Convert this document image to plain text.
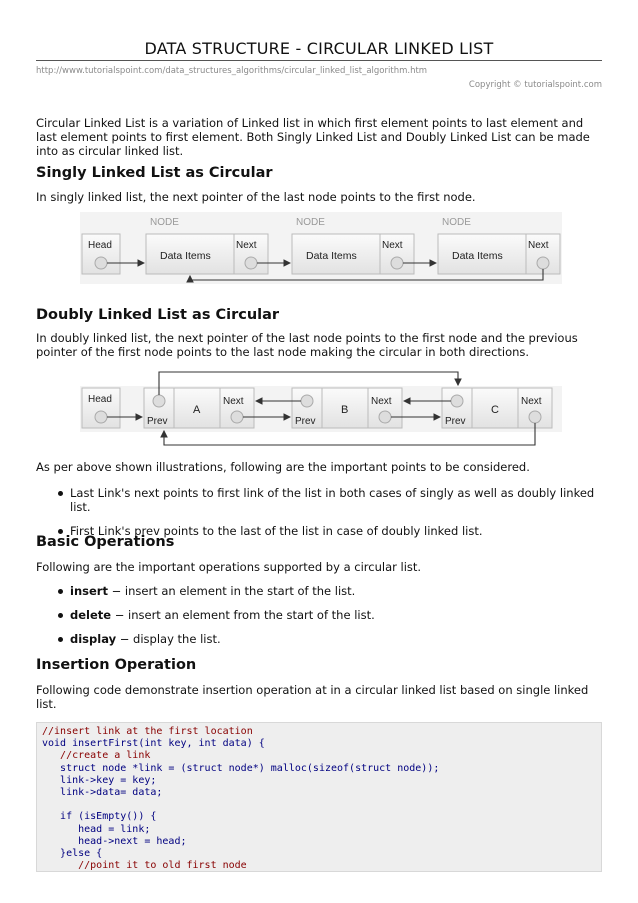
DATA STRUCTURE - CIRCULAR LINKED LIST
http://www.tutorialspoint.com/data_structures_algorithms/circular_linked_list_algorithm.htm
Copyright © tutorialspoint.com

Circular Linked List is a variation of Linked list in which first element points to last element and last element points to first element. Both Singly Linked List and Doubly Linked List can be made into as circular linked list.

Singly Linked List as Circular

In singly linked list, the next pointer of the last node points to the first node.

NODE	NODE	NODE
Head
Data Items
Next
Data Items
Next
Data Items
Next
Doubly Linked List as Circular

In doubly linked list, the next pointer of the last node points to the first node and the previous pointer of the first node points to the last node making the circular in both directions.

Head
Prev
A
Next
Prev
B
Next
Prev
C
Next

As per above shown illustrations, following are the important points to be considered.

Last Link's next points to first link of the list in both cases of singly as well as doubly linked list.
First Link's prev points to the last of the list in case of doubly linked list.
Basic Operations

Following are the important operations supported by a circular list.

insert − insert an element in the start of the list.
delete − insert an element from the start of the list.
display − display the list.
Insertion Operation

Following code demonstrate insertion operation at in a circular linked list based on single linked list.

//insert link at the first location
void insertFirst(int key, int data) {
//create a link
struct node *link = (struct node*) malloc(sizeof(struct node));
link->key = key;
link->data= data;

if (isEmpty()) {
head = link;
head->next = head;
}else {
//point it to old first node
